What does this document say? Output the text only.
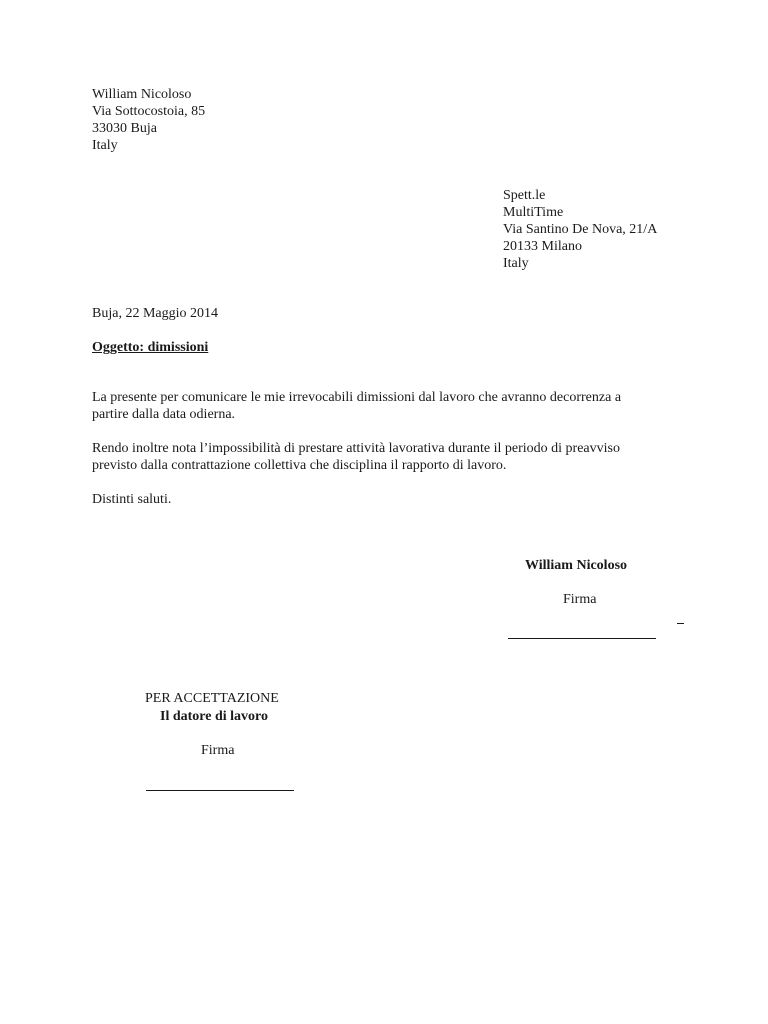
William Nicoloso
Via Sottocostoia, 85
33030 Buja
Italy
Spett.le
MultiTime
Via Santino De Nova, 21/A
20133 Milano
Italy
Buja, 22 Maggio 2014
Oggetto: dimissioni
La presente per comunicare le mie irrevocabili dimissioni dal lavoro che avranno decorrenza a
partire dalla data odierna.
Rendo inoltre nota l’impossibilità di prestare attività lavorativa durante il periodo di preavviso
previsto dalla contrattazione collettiva che disciplina il rapporto di lavoro.
Distinti saluti.
William Nicoloso
Firma
PER ACCETTAZIONE
Il datore di lavoro
Firma
